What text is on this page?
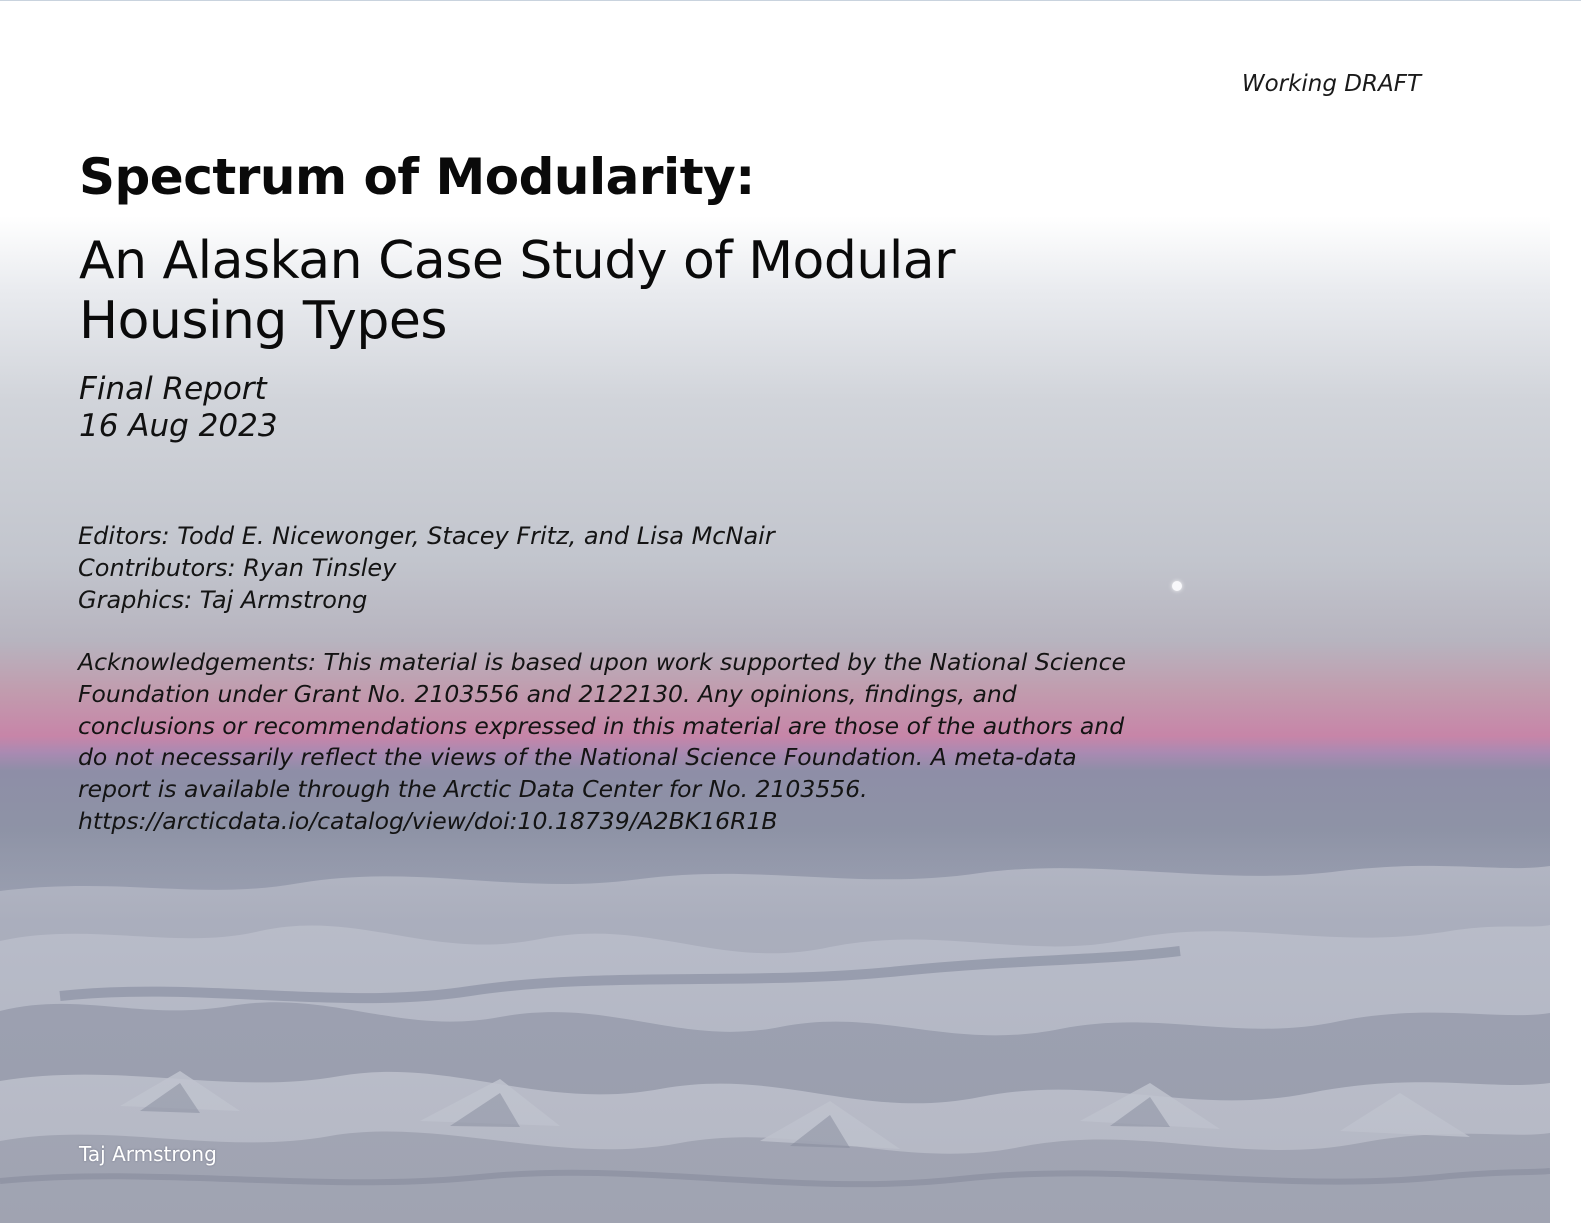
Working DRAFT
Spectrum of Modularity:
An Alaskan Case Study of Modular Housing Types
Final Report
16 Aug 2023
Editors: Todd E. Nicewonger, Stacey Fritz, and Lisa McNair
Contributors: Ryan Tinsley
Graphics: Taj Armstrong

Acknowledgements: This material is based upon work supported by the National Science Foundation under Grant No. 2103556 and 2122130. Any opinions, findings, and conclusions or recommendations expressed in this material are those of the authors and do not necessarily reflect the views of the National Science Foundation. A meta-data report is available through the Arctic Data Center for No. 2103556. https://arcticdata.io/catalog/view/doi:10.18739/A2BK16R1B

Taj Armstrong
